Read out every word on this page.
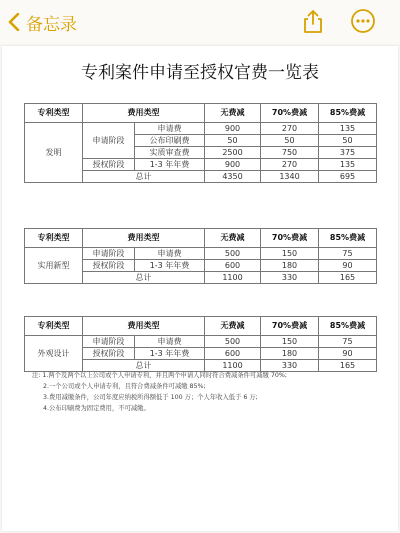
备忘录
专利案件申请至授权官费一览表
专利类型	费用类型		无费减	70%费减	85%费减
发明	申请阶段	申请费	900	270	135
		公布印刷费	50	50	50
		实质审查费	2500	750	375
	授权阶段	1-3 年年费	900	270	135
	总计		4350	1340	695
专利类型	费用类型		无费减	70%费减	85%费减
实用新型	申请阶段	申请费	500	150	75
	授权阶段	1-3 年年费	600	180	90
	总计		1100	330	165
专利类型	费用类型		无费减	70%费减	85%费减
外观设计	申请阶段	申请费	500	150	75
	授权阶段	1-3 年年费	600	180	90
	总计		1100	330	165
注: 1.两个及两个以上公司或个人申请专利，并且两个申请人同时符合费减条件可减缴 70%;
2.一个公司或个人申请专利，且符合费减条件可减缴 85%;
3.费用减缴条件，公司年度应纳税所得额低于 100 万；个人年收入低于 6 万;
4.公布印刷费为固定费用，不可减缴。
